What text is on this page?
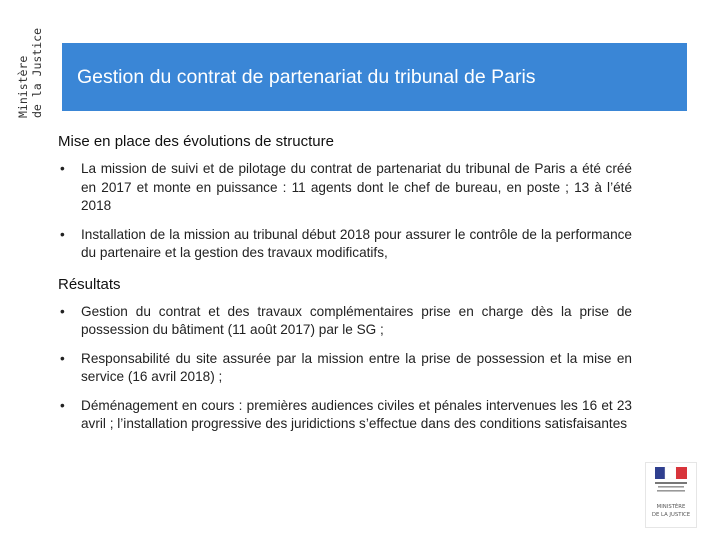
Ministère de la Justice Gestion du contrat de partenariat du tribunal de Paris
Mise en place des évolutions de structure
• La mission de suivi et de pilotage du contrat de partenariat du tribunal de Paris a été créé en 2017 et monte en puissance : 11 agents dont le chef de bureau, en poste ; 13 à l’été 2018
• Installation de la mission au tribunal début 2018 pour assurer le contrôle de la performance du partenaire et la gestion des travaux modificatifs,
Résultats
• Gestion du contrat et des travaux complémentaires prise en charge dès la prise de possession du bâtiment (11 août 2017) par le SG ;
• Responsabilité du site assurée par la mission entre la prise de possession et la mise en service (16 avril 2018) ;
• Déménagement en cours : premières audiences civiles et pénales intervenues les 16 et 23 avril ; l’installation progressive des juridictions s’effectue dans des conditions satisfaisantes
MINISTÈRE
DE LA JUSTICE
